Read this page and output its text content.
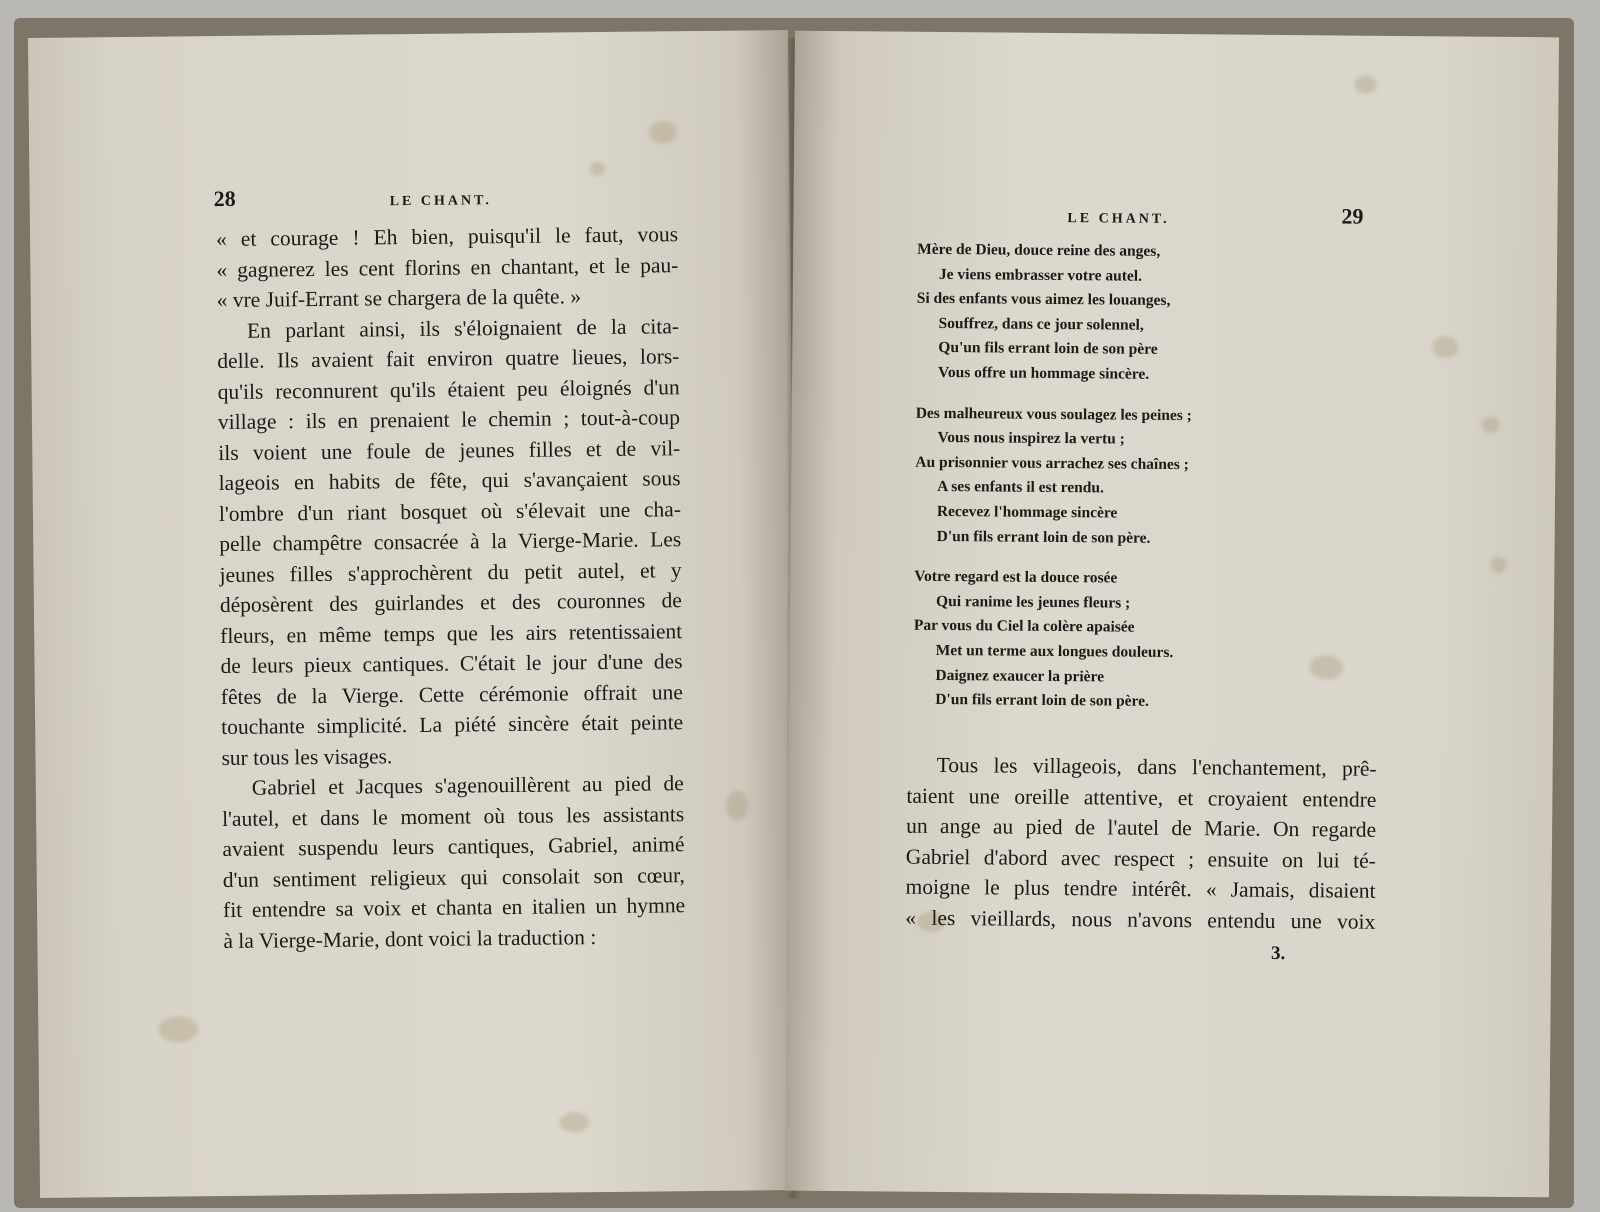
28	LE CHANT.

« et courage ! Eh bien, puisqu'il le faut, vous

« gagnerez les cent florins en chantant, et le pau-

« vre Juif-Errant se chargera de la quête. »

En parlant ainsi, ils s'éloignaient de la cita-

delle. Ils avaient fait environ quatre lieues, lors-

qu'ils reconnurent qu'ils étaient peu éloignés d'un

village : ils en prenaient le chemin ; tout-à-coup

ils voient une foule de jeunes filles et de vil-

lageois en habits de fête, qui s'avançaient sous

l'ombre d'un riant bosquet où s'élevait une cha-

pelle champêtre consacrée à la Vierge-Marie. Les

jeunes filles s'approchèrent du petit autel, et y

déposèrent des guirlandes et des couronnes de

fleurs, en même temps que les airs retentissaient

de leurs pieux cantiques. C'était le jour d'une des

fêtes de la Vierge. Cette cérémonie offrait une

touchante simplicité. La piété sincère était peinte

sur tous les visages.

Gabriel et Jacques s'agenouillèrent au pied de

l'autel, et dans le moment où tous les assistants

avaient suspendu leurs cantiques, Gabriel, animé

d'un sentiment religieux qui consolait son cœur,

fit entendre sa voix et chanta en italien un hymne

à la Vierge-Marie, dont voici la traduction :

LE CHANT.	29
Mère de Dieu, douce reine des anges,
Je viens embrasser votre autel.
Si des enfants vous aimez les louanges,
Souffrez, dans ce jour solennel,
Qu'un fils errant loin de son père
Vous offre un hommage sincère.
Des malheureux vous soulagez les peines ;
Vous nous inspirez la vertu ;
Au prisonnier vous arrachez ses chaînes ;
A ses enfants il est rendu.
Recevez l'hommage sincère
D'un fils errant loin de son père.
Votre regard est la douce rosée
Qui ranime les jeunes fleurs ;
Par vous du Ciel la colère apaisée
Met un terme aux longues douleurs.
Daignez exaucer la prière
D'un fils errant loin de son père.

Tous les villageois, dans l'enchantement, prê-

taient une oreille attentive, et croyaient entendre

un ange au pied de l'autel de Marie. On regarde

Gabriel d'abord avec respect ; ensuite on lui té-

moigne le plus tendre intérêt. « Jamais, disaient

« les vieillards, nous n'avons entendu une voix

3.
